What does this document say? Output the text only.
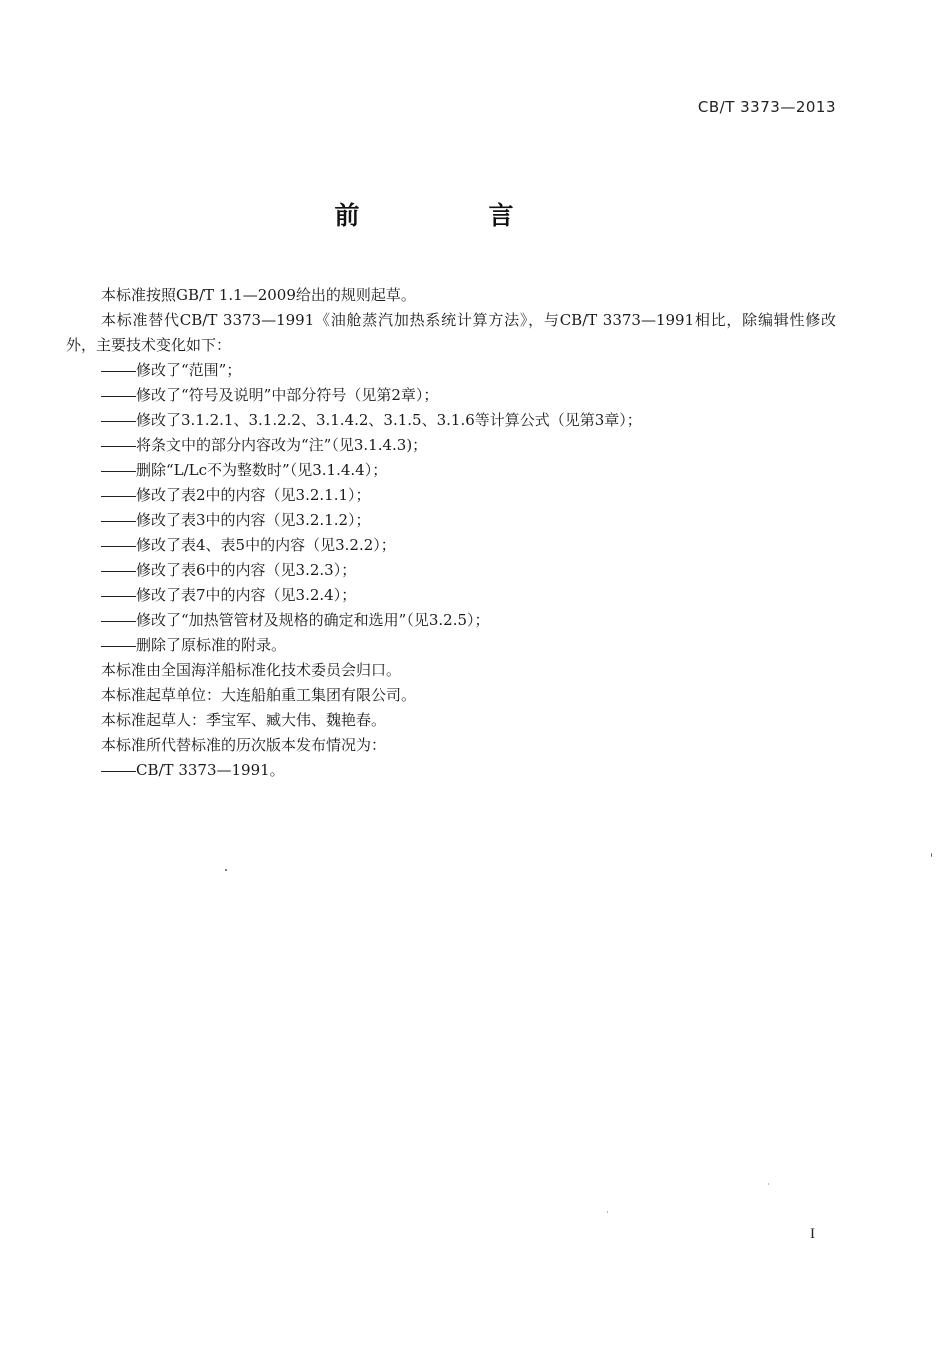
CB/T 3373—2013
前　言

本标准按照GB/T 1.1—2009给出的规则起草。

本标准替代CB/T 3373—1991《油舱蒸汽加热系统计算方法》，与CB/T 3373—1991相比，除编辑性修改外，主要技术变化如下：

修改了“范围”；

修改了“符号及说明”中部分符号（见第2章）；

修改了3.1.2.1、3.1.2.2、3.1.4.2、3.1.5、3.1.6等计算公式（见第3章）；

将条文中的部分内容改为“注”（见3.1.4.3)；

删除“L/Lc不为整数时”（见3.1.4.4）；

修改了表2中的内容（见3.2.1.1）；

修改了表3中的内容（见3.2.1.2）；

修改了表4、表5中的内容（见3.2.2）；

修改了表6中的内容（见3.2.3）；

修改了表7中的内容（见3.2.4）；

修改了“加热管管材及规格的确定和选用”（见3.2.5）；

删除了原标准的附录。

本标准由全国海洋船标准化技术委员会归口。

本标准起草单位：大连船舶重工集团有限公司。

本标准起草人：季宝军、臧大伟、魏艳春。

本标准所代替标准的历次版本发布情况为：

CB/T 3373—1991。

I
